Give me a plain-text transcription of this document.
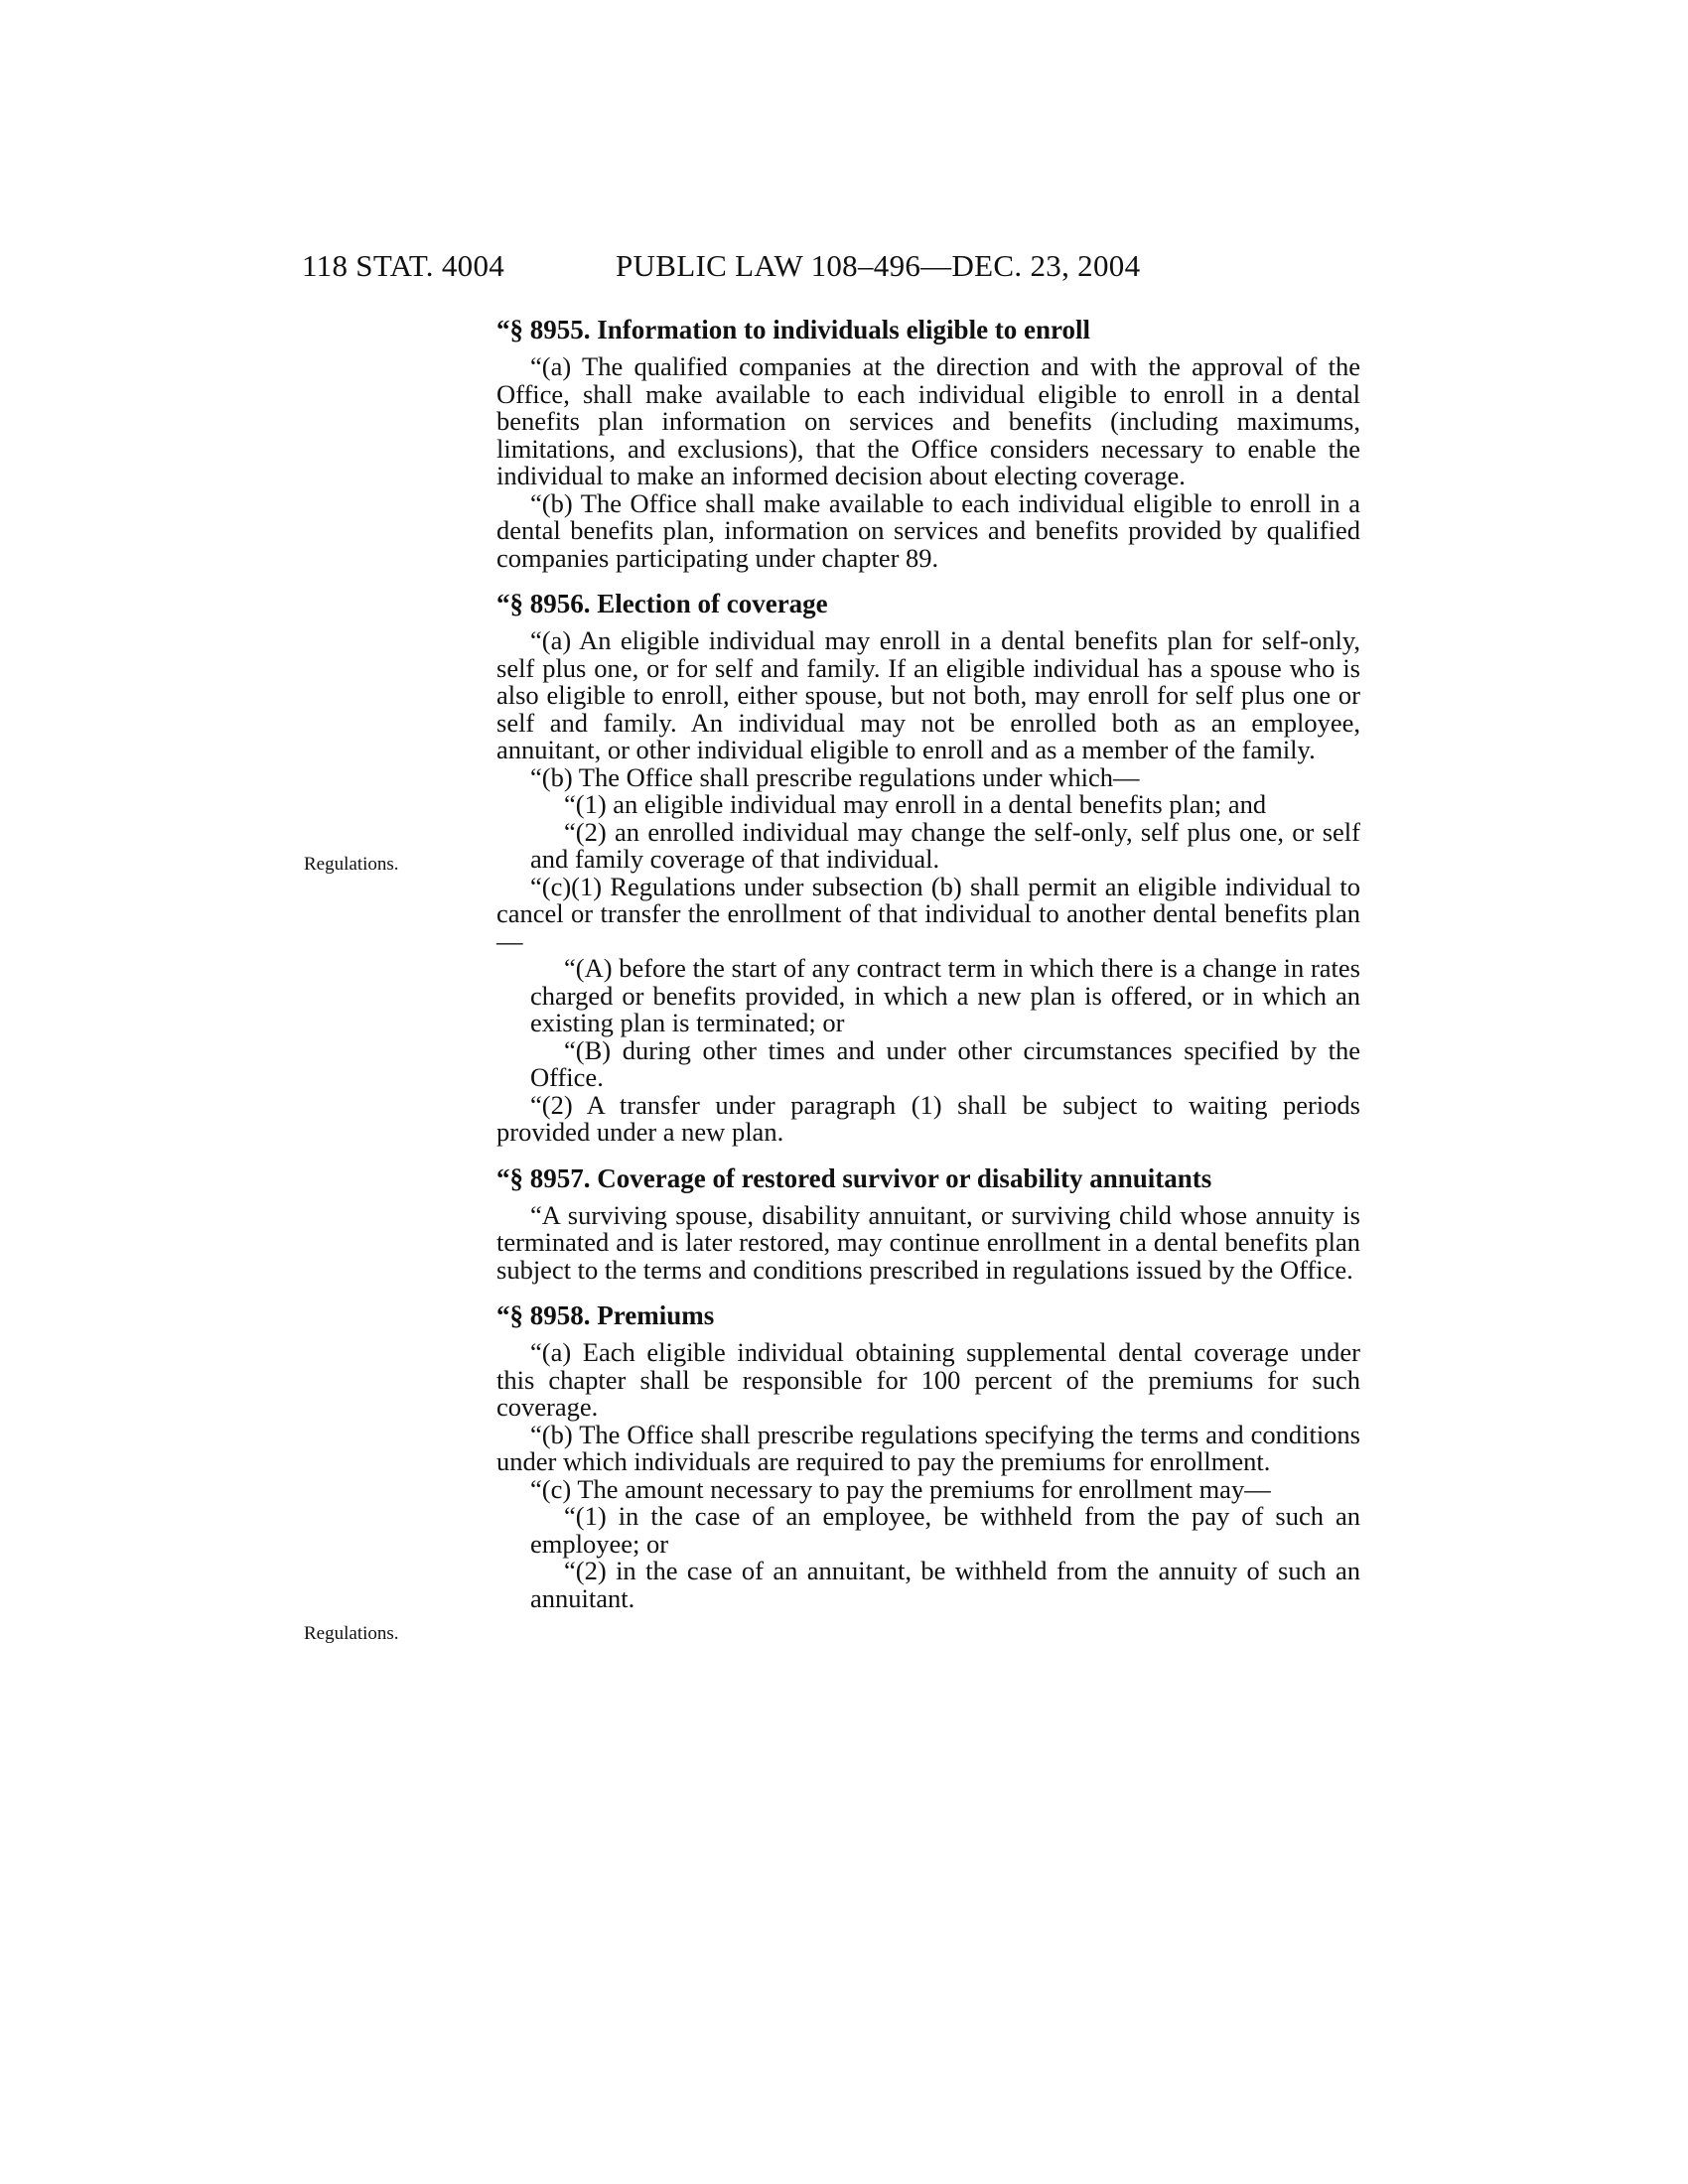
118 STAT. 4004	PUBLIC LAW 108–496—DEC. 23, 2004
Regulations.
Regulations.
“§ 8955. Information to individuals eligible to enroll

“(a) The qualified companies at the direction and with the approval of the Office, shall make available to each individual eligible to enroll in a dental benefits plan information on services and benefits (including maximums, limitations, and exclusions), that the Office considers necessary to enable the individual to make an informed decision about electing coverage.

“(b) The Office shall make available to each individual eligible to enroll in a dental benefits plan, information on services and benefits provided by qualified companies participating under chapter 89.

“§ 8956. Election of coverage

“(a) An eligible individual may enroll in a dental benefits plan for self-only, self plus one, or for self and family. If an eligible individual has a spouse who is also eligible to enroll, either spouse, but not both, may enroll for self plus one or self and family. An individual may not be enrolled both as an employee, annuitant, or other individual eligible to enroll and as a member of the family.

“(b) The Office shall prescribe regulations under which—

“(1) an eligible individual may enroll in a dental benefits plan; and

“(2) an enrolled individual may change the self-only, self plus one, or self and family coverage of that individual.

“(c)(1) Regulations under subsection (b) shall permit an eligible individual to cancel or transfer the enrollment of that individual to another dental benefits plan—

“(A) before the start of any contract term in which there is a change in rates charged or benefits provided, in which a new plan is offered, or in which an existing plan is terminated; or

“(B) during other times and under other circumstances specified by the Office.

“(2) A transfer under paragraph (1) shall be subject to waiting periods provided under a new plan.

“§ 8957. Coverage of restored survivor or disability annuitants

“A surviving spouse, disability annuitant, or surviving child whose annuity is terminated and is later restored, may continue enrollment in a dental benefits plan subject to the terms and conditions prescribed in regulations issued by the Office.

“§ 8958. Premiums

“(a) Each eligible individual obtaining supplemental dental coverage under this chapter shall be responsible for 100 percent of the premiums for such coverage.

“(b) The Office shall prescribe regulations specifying the terms and conditions under which individuals are required to pay the premiums for enrollment.

“(c) The amount necessary to pay the premiums for enrollment may—

“(1) in the case of an employee, be withheld from the pay of such an employee; or

“(2) in the case of an annuitant, be withheld from the annuity of such an annuitant.
